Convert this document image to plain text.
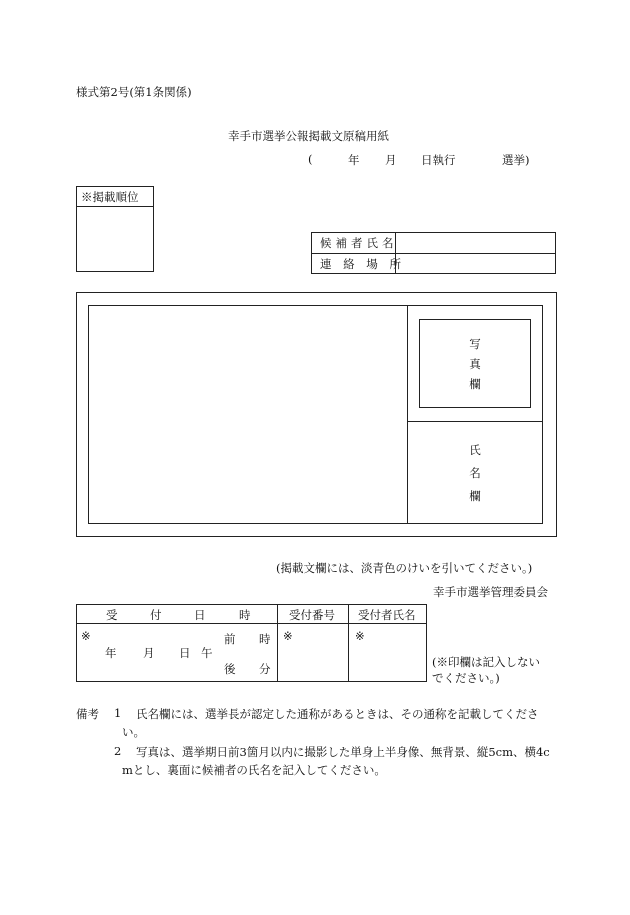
様式第2号(第1条関係)
幸手市選挙公報掲載文原稿用紙
(	年 月 日執行	選挙)
※掲載順位
候補者氏名
連 絡 場 所
写
真
欄
氏
名
欄
(掲載文欄には、淡青色のけいを引いてください。)
幸手市選挙管理委員会
受	付	日	時	受付番号 受付者氏名
※
年 月 日 午
前 時
後 分
※	※
(※印欄は記入しない
でください。)
備考 1 氏名欄には、選挙長が認定した通称があるときは、その通称を記載してくださ
い。
2 写真は、選挙期日前3箇月以内に撮影した単身上半身像、無背景、縦5cm、横4c
mとし、裏面に候補者の氏名を記入してください。
